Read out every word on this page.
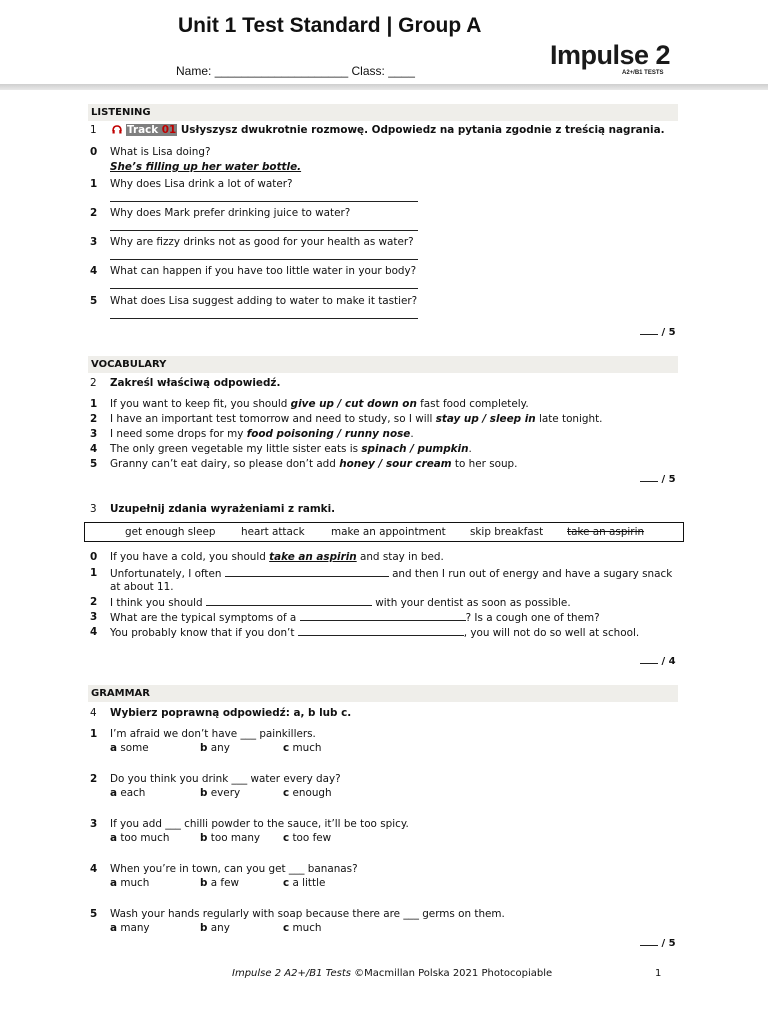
Unit 1 Test Standard | Group A
Impulse 2
A2+/B1 TESTS
Name: ____________________ Class: ____
LISTENING
1	Track 01 Usłyszysz dwukrotnie rozmowę. Odpowiedz na pytania zgodnie z treścią nagrania.
0	What is Lisa doing?
She’s filling up her water bottle.
1	Why does Lisa drink a lot of water?
2	Why does Mark prefer drinking juice to water?
3	Why are fizzy drinks not as good for your health as water?
4	What can happen if you have too little water in your body?
5	What does Lisa suggest adding to water to make it tastier?
/ 5
VOCABULARY
2	Zakreśl właściwą odpowiedź.
1	If you want to keep fit, you should give up / cut down on fast food completely.
2	I have an important test tomorrow and need to study, so I will stay up / sleep in late tonight.
3	I need some drops for my food poisoning / runny nose.
4	The only green vegetable my little sister eats is spinach / pumpkin.
5	Granny can’t eat dairy, so please don’t add honey / sour cream to her soup.
/ 5
3	Uzupełnij zdania wyrażeniami z ramki.
get enough sleep heart attack	make an appointment skip breakfast take an aspirin
0	If you have a cold, you should take an aspirin and stay in bed.
1	Unfortunately, I often	and then I run out of energy and have a sugary snack
at about 11.
2	I think you should	with your dentist as soon as possible.
3	What are the typical symptoms of a	? Is a cough one of them?
4	You probably know that if you don’t	, you will not do so well at school.
/ 4
GRAMMAR
4	Wybierz poprawną odpowiedź: a, b lub c.
1	I’m afraid we don’t have ___ painkillers.
a some	b any	c much
2	Do you think you drink ___ water every day?
a each	b every	c enough
3	If you add ___ chilli powder to the sauce, it’ll be too spicy.
a too much	b too many c too few
4	When you’re in town, can you get ___ bananas?
a much	b a few	c a little
5	Wash your hands regularly with soap because there are ___ germs on them.
a many	b any	c much
/ 5
Impulse 2 A2+/B1 Tests ©Macmillan Polska 2021 Photocopiable	1
